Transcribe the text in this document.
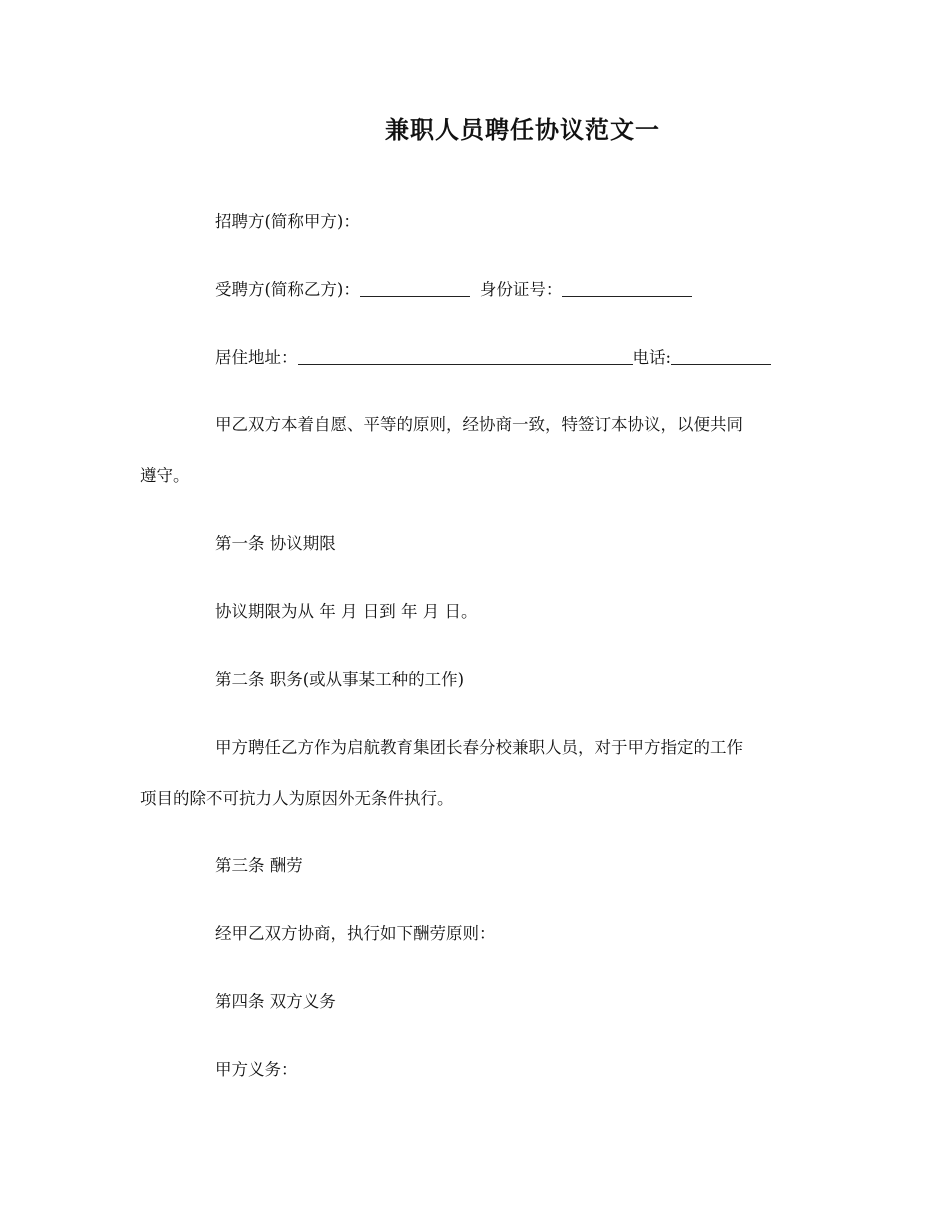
兼职人员聘任协议范文一
招聘方(简称甲方)：
受聘方(简称乙方)：	身份证号：
居住地址：	电话:
甲乙双方本着自愿、平等的原则，经协商一致，特签订本协议，以便共同
遵守。
第一条 协议期限
协议期限为从 年 月 日到 年 月 日。
第二条 职务(或从事某工种的工作)
甲方聘任乙方作为启航教育集团长春分校兼职人员，对于甲方指定的工作
项目的除不可抗力人为原因外无条件执行。
第三条 酬劳
经甲乙双方协商，执行如下酬劳原则：
第四条 双方义务
甲方义务：
